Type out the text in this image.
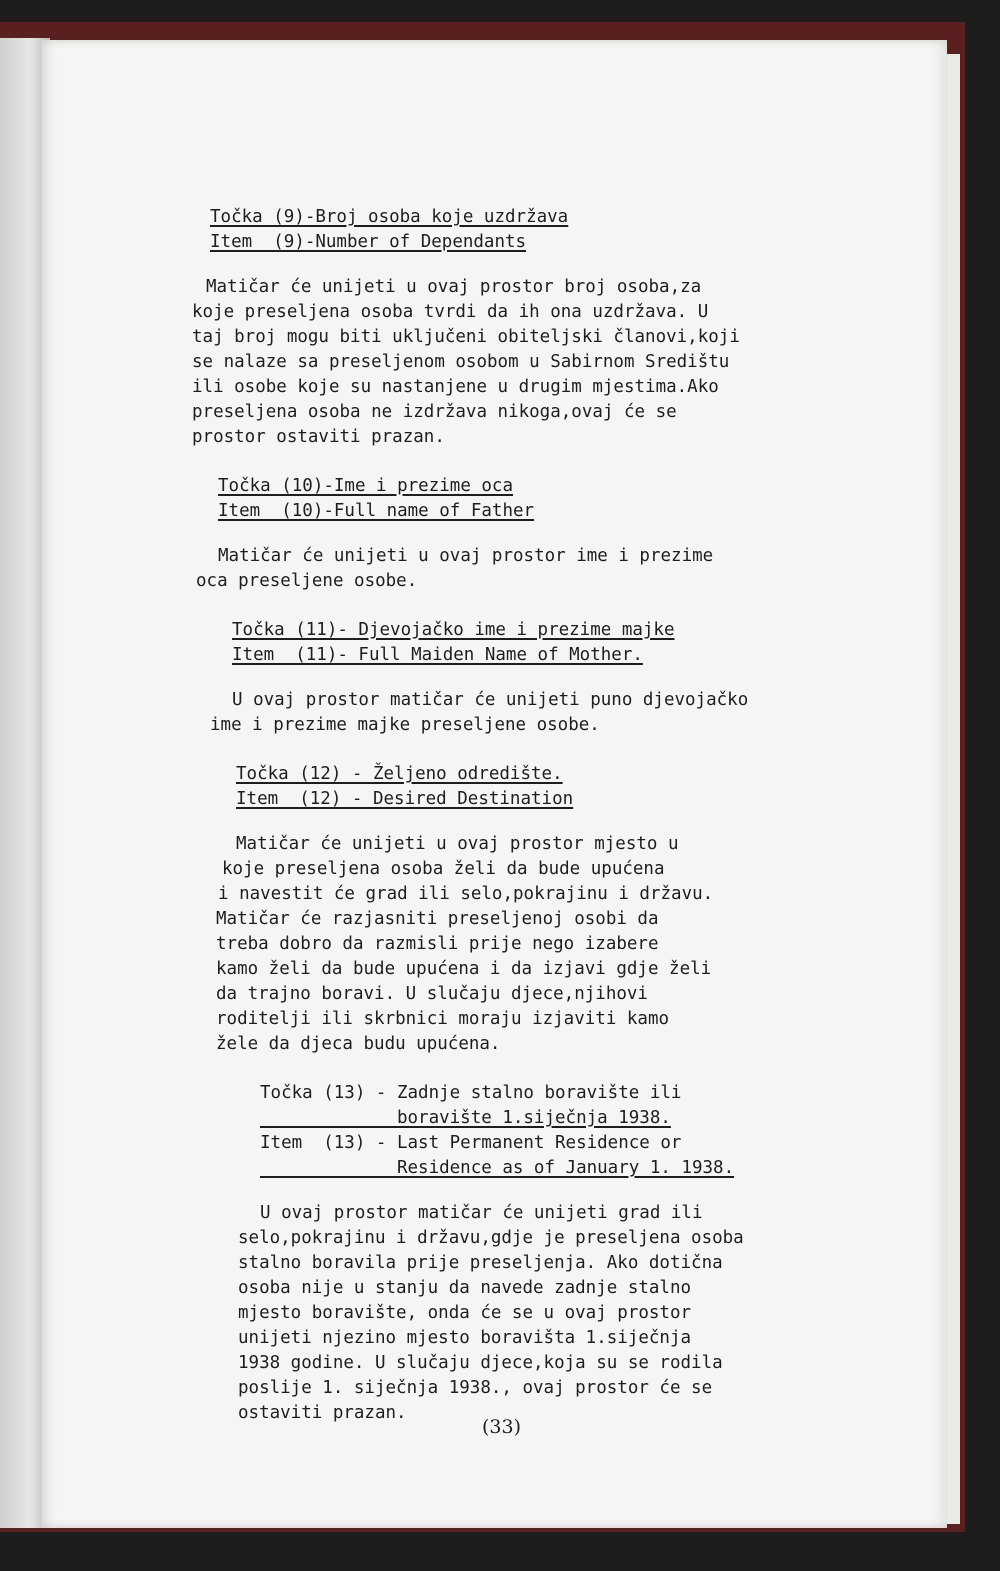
Točka (9)-Broj osoba koje uzdržava
Item  (9)-Number of Dependants
Matičar će unijeti u ovaj prostor broj osoba,za
koje preseljena osoba tvrdi da ih ona uzdržava. U
taj broj mogu biti uključeni obiteljski članovi,koji
se nalaze sa preseljenom osobom u Sabirnom Središtu
ili osobe koje su nastanjene u drugim mjestima.Ako
preseljena osoba ne izdržava nikoga,ovaj će se
prostor ostaviti prazan.
Točka (10)-Ime i prezime oca
Item  (10)-Full name of Father
Matičar će unijeti u ovaj prostor ime i prezime
oca preseljene osobe.
Točka (11)- Djevojačko ime i prezime majke
Item  (11)- Full Maiden Name of Mother.
U ovaj prostor matičar će unijeti puno djevojačko
ime i prezime majke preseljene osobe.
Točka (12) - Željeno odredište.
Item  (12) - Desired Destination
Matičar će unijeti u ovaj prostor mjesto u
koje preseljena osoba želi da bude upućena
i navestit će grad ili selo,pokrajinu i državu.
Matičar će razjasniti preseljenoj osobi da
treba dobro da razmisli prije nego izabere
kamo želi da bude upućena i da izjavi gdje želi
da trajno boravi. U slučaju djece,njihovi
roditelji ili skrbnici moraju izjaviti kamo
žele da djeca budu upućena.
Točka (13) - Zadnje stalno boravište ili
boravište 1.siječnja 1938.
Item  (13) - Last Permanent Residence or
Residence as of January 1. 1938.
U ovaj prostor matičar će unijeti grad ili
selo,pokrajinu i državu,gdje je preseljena osoba
stalno boravila prije preseljenja. Ako dotična
osoba nije u stanju da navede zadnje stalno
mjesto boravište, onda će se u ovaj prostor
unijeti njezino mjesto boravišta 1.siječnja
1938 godine. U slučaju djece,koja su se rodila
poslije 1. siječnja 1938., ovaj prostor će se
ostaviti prazan.
(33)
